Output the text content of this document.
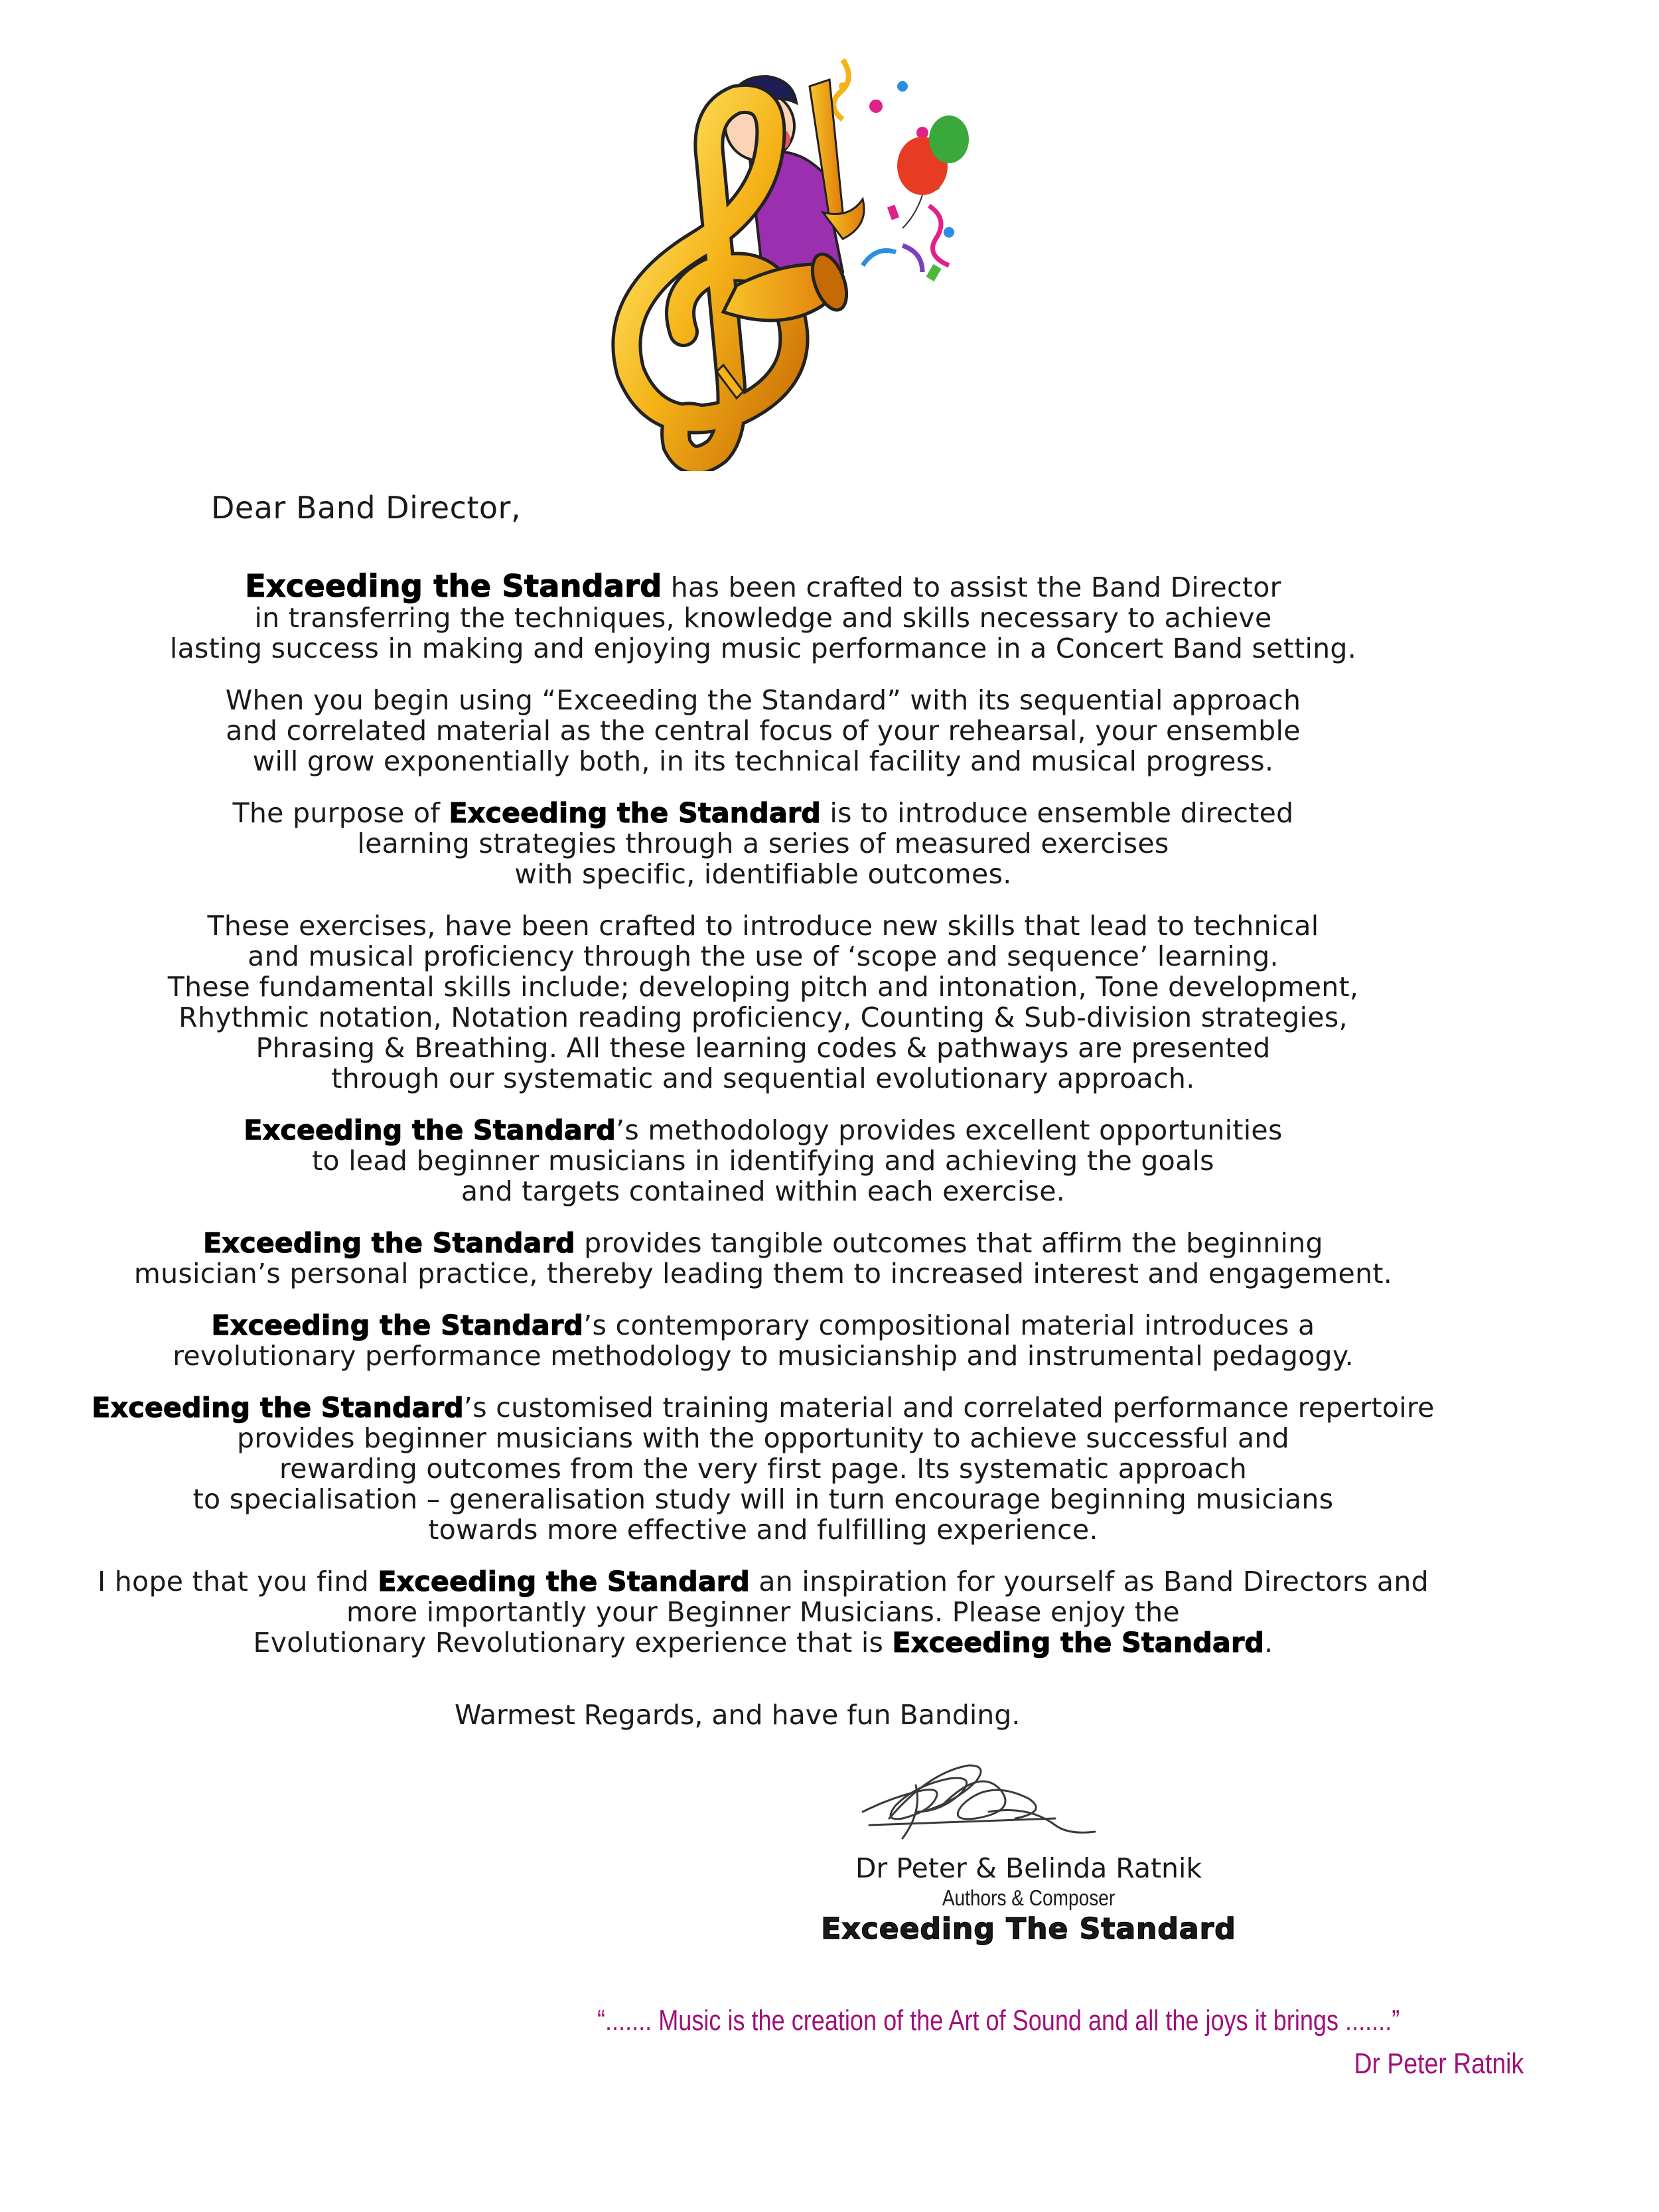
Dear Band Director,

Exceeding the Standard has been crafted to assist the Band Director
in transferring the techniques, knowledge and skills necessary to achieve
lasting success in making and enjoying music performance in a Concert Band setting.

When you begin using “Exceeding the Standard” with its sequential approach
and correlated material as the central focus of your rehearsal, your ensemble
will grow exponentially both, in its technical facility and musical progress.

The purpose of Exceeding the Standard is to introduce ensemble directed
learning strategies through a series of measured exercises
with specific, identifiable outcomes.

These exercises, have been crafted to introduce new skills that lead to technical
and musical proficiency through the use of ‘scope and sequence’ learning.
These fundamental skills include; developing pitch and intonation, Tone development,
Rhythmic notation, Notation reading proficiency, Counting & Sub-division strategies,
Phrasing & Breathing. All these learning codes & pathways are presented
through our systematic and sequential evolutionary approach.

Exceeding the Standard’s methodology provides excellent opportunities
to lead beginner musicians in identifying and achieving the goals
and targets contained within each exercise.

Exceeding the Standard provides tangible outcomes that affirm the beginning
musician’s personal practice, thereby leading them to increased interest and engagement.

Exceeding the Standard’s contemporary compositional material introduces a
revolutionary performance methodology to musicianship and instrumental pedagogy.

Exceeding the Standard’s customised training material and correlated performance repertoire
provides beginner musicians with the opportunity to achieve successful and
rewarding outcomes from the very first page. Its systematic approach
to specialisation – generalisation study will in turn encourage beginning musicians
towards more effective and fulfilling experience.

I hope that you find Exceeding the Standard an inspiration for yourself as Band Directors and
more importantly your Beginner Musicians. Please enjoy the
Evolutionary Revolutionary experience that is Exceeding the Standard.

Warmest Regards, and have fun Banding.
Dr Peter & Belinda Ratnik
Authors & Composer
Exceeding The Standard
“....... Music is the creation of the Art of Sound and all the joys it brings .......”
Dr Peter Ratnik
